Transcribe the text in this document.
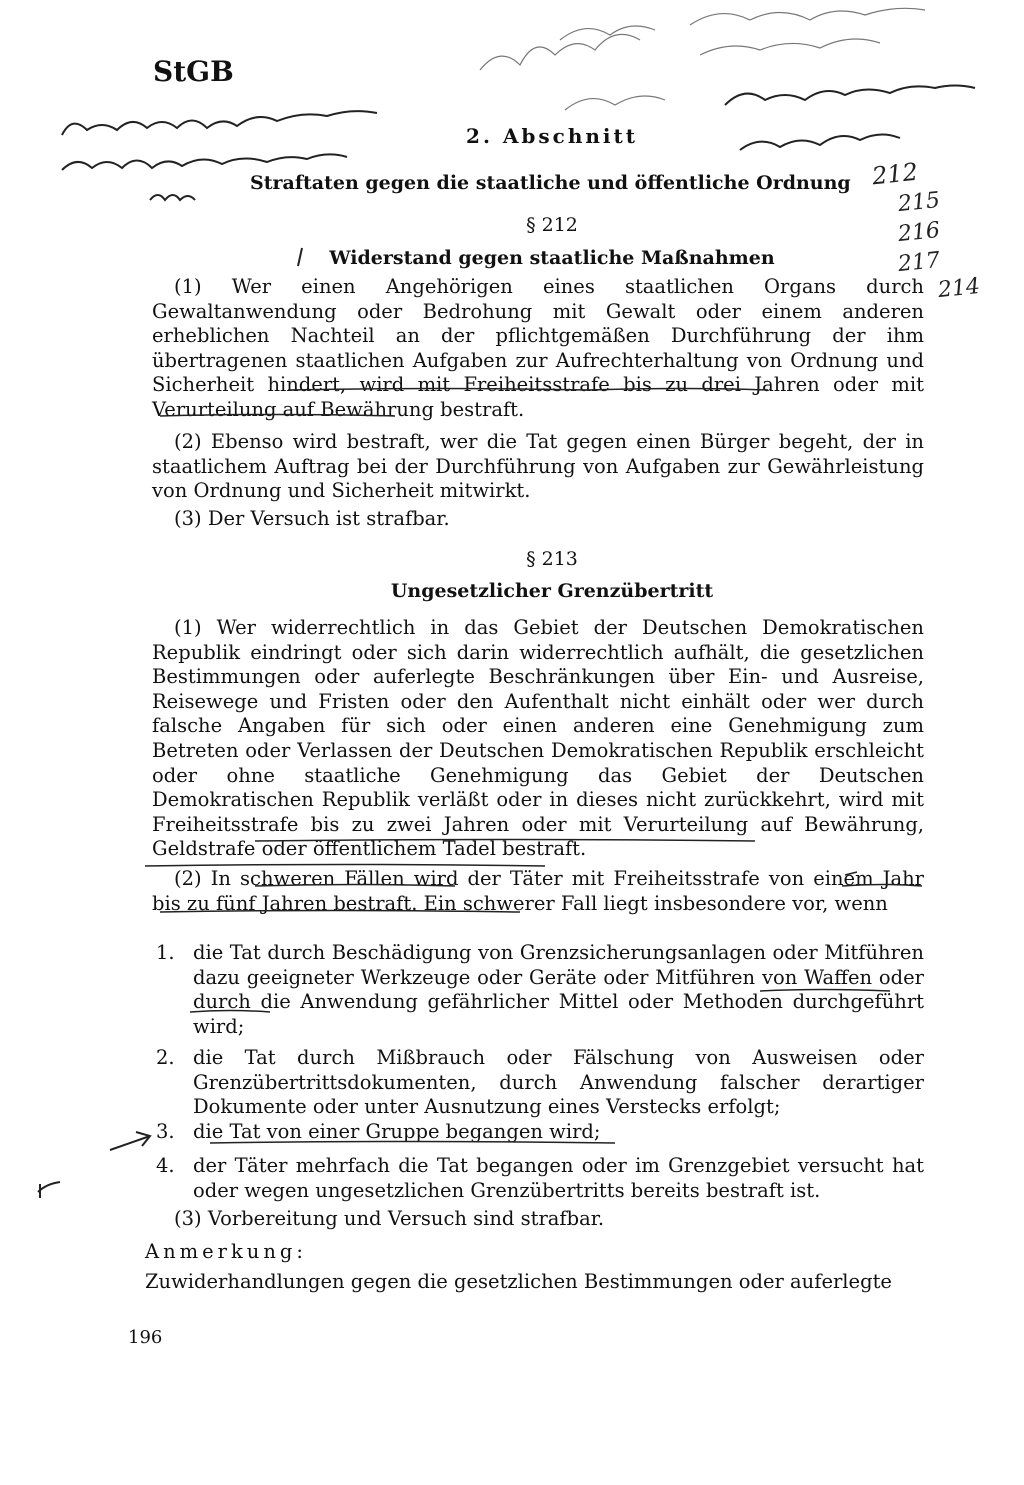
StGB
2. Abschnitt
Straftaten gegen die staatliche und öffentliche Ordnung
§ 212
Widerstand gegen staatliche Maßnahmen

(1) Wer einen Angehörigen eines staatlichen Organs durch Gewaltanwendung oder Bedrohung mit Gewalt oder einem anderen erheblichen Nachteil an der pflichtgemäßen Durchführung der ihm übertragenen staatlichen Aufgaben zur Aufrechterhaltung von Ordnung und Sicherheit hindert, wird mit Freiheitsstrafe bis zu drei Jahren oder mit Verurteilung auf Bewährung bestraft.

(2) Ebenso wird bestraft, wer die Tat gegen einen Bürger begeht, der in staatlichem Auftrag bei der Durchführung von Aufgaben zur Gewährleistung von Ordnung und Sicherheit mitwirkt.

(3) Der Versuch ist strafbar.

§ 213
Ungesetzlicher Grenzübertritt

(1) Wer widerrechtlich in das Gebiet der Deutschen Demokratischen Republik eindringt oder sich darin widerrechtlich aufhält, die gesetzlichen Bestimmungen oder auferlegte Beschränkungen über Ein- und Ausreise, Reisewege und Fristen oder den Aufenthalt nicht einhält oder wer durch falsche Angaben für sich oder einen anderen eine Genehmigung zum Betreten oder Verlassen der Deutschen Demokratischen Republik erschleicht oder ohne staatliche Genehmigung das Gebiet der Deutschen Demokratischen Republik verläßt oder in dieses nicht zurückkehrt, wird mit Freiheitsstrafe bis zu zwei Jahren oder mit Verurteilung auf Bewährung, Geldstrafe oder öffentlichem Tadel bestraft.

(2) In schweren Fällen wird der Täter mit Freiheitsstrafe von einem Jahr bis zu fünf Jahren bestraft. Ein schwerer Fall liegt insbesondere vor, wenn

1. die Tat durch Beschädigung von Grenzsicherungsanlagen oder Mitführen dazu geeigneter Werkzeuge oder Geräte oder Mitführen von Waffen oder durch die Anwendung gefährlicher Mittel oder Methoden durchgeführt wird;
2. die Tat durch Mißbrauch oder Fälschung von Ausweisen oder Grenzübertrittsdokumenten, durch Anwendung falscher derartiger Dokumente oder unter Ausnutzung eines Verstecks erfolgt;
3. die Tat von einer Gruppe begangen wird;
4. der Täter mehrfach die Tat begangen oder im Grenzgebiet versucht hat oder wegen ungesetzlichen Grenzübertritts bereits bestraft ist.

(3) Vorbereitung und Versuch sind strafbar.

Anmerkung:
Zuwiderhandlungen gegen die gesetzlichen Bestimmungen oder auferlegte
196
212
215
216
217
214
